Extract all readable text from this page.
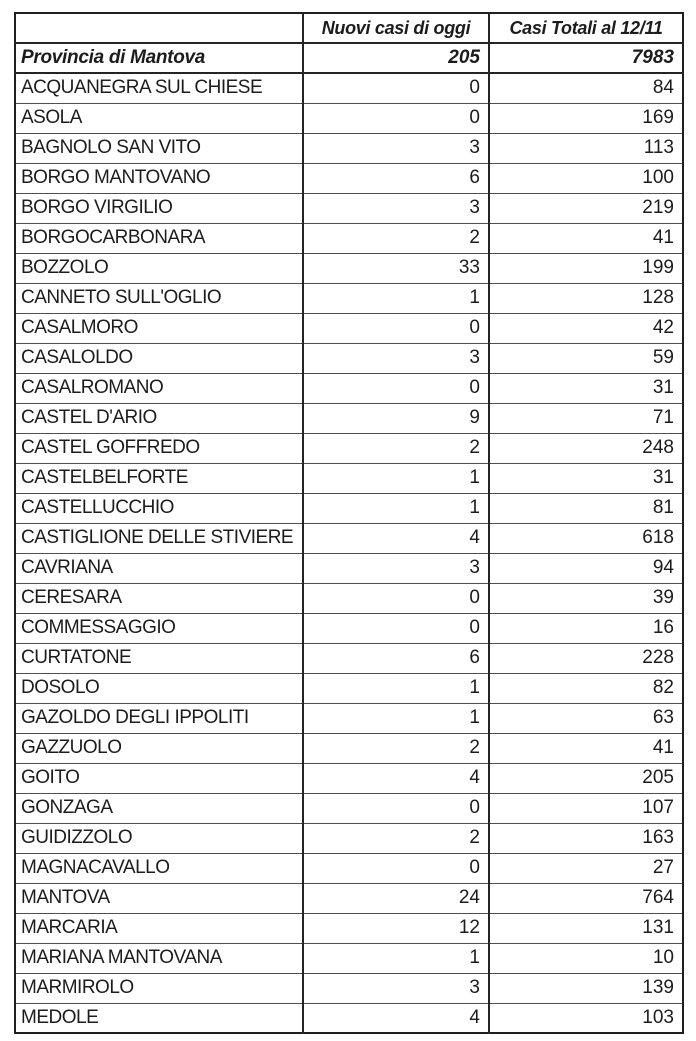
	Nuovi casi di oggi	Casi Totali al 12/11
Provincia di Mantova	205	7983
ACQUANEGRA SUL CHIESE	0	84
ASOLA	0	169
BAGNOLO SAN VITO	3	113
BORGO MANTOVANO	6	100
BORGO VIRGILIO	3	219
BORGOCARBONARA	2	41
BOZZOLO	33	199
CANNETO SULL'OGLIO	1	128
CASALMORO	0	42
CASALOLDO	3	59
CASALROMANO	0	31
CASTEL D'ARIO	9	71
CASTEL GOFFREDO	2	248
CASTELBELFORTE	1	31
CASTELLUCCHIO	1	81
CASTIGLIONE DELLE STIVIERE	4	618
CAVRIANA	3	94
CERESARA	0	39
COMMESSAGGIO	0	16
CURTATONE	6	228
DOSOLO	1	82
GAZOLDO DEGLI IPPOLITI	1	63
GAZZUOLO	2	41
GOITO	4	205
GONZAGA	0	107
GUIDIZZOLO	2	163
MAGNACAVALLO	0	27
MANTOVA	24	764
MARCARIA	12	131
MARIANA MANTOVANA	1	10
MARMIROLO	3	139
MEDOLE	4	103
